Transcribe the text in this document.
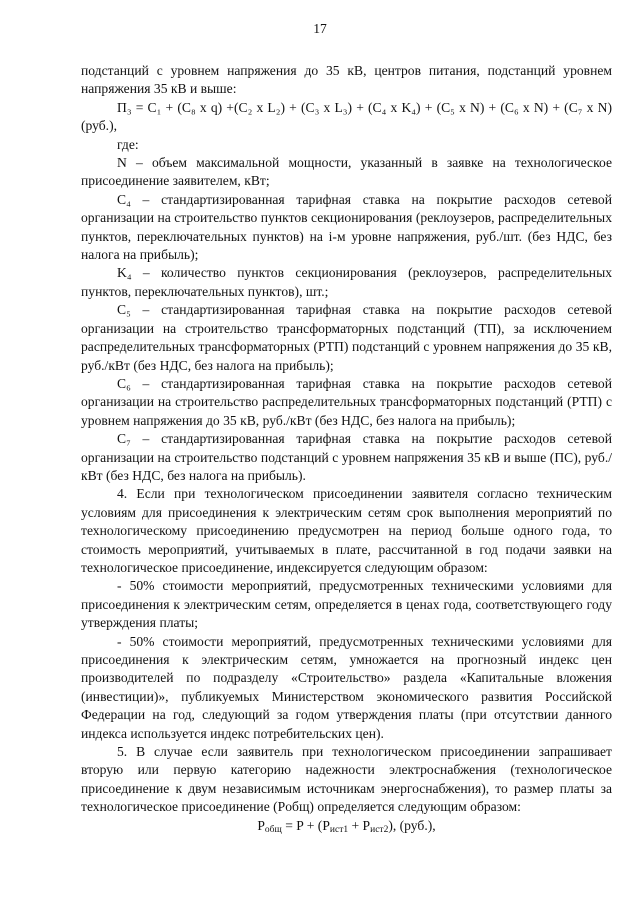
17

подстанций с уровнем напряжения до 35 кВ, центров питания, подстанций уровнем напряжения 35 кВ и выше:

П₃ = C₁ + (C₈ x q) +(C₂ x L₂) + (C₃ x L₃) + (C₄ x K₄) + (C₅ x N) + (C₆ x N) + (C₇ x N) (руб.),

где:

N – объем максимальной мощности, указанный в заявке на технологическое присоединение заявителем, кВт;

C₄ – стандартизированная тарифная ставка на покрытие расходов сетевой организации на строительство пунктов секционирования (реклоузеров, распределительных пунктов, переключательных пунктов) на i-м уровне напряжения, руб./шт. (без НДС, без налога на прибыль);

K₄ – количество пунктов секционирования (реклоузеров, распределительных пунктов, переключательных пунктов), шт.;

C₅ – стандартизированная тарифная ставка на покрытие расходов сетевой организации на строительство трансформаторных подстанций (ТП), за исключением распределительных трансформаторных (РТП) подстанций с уровнем напряжения до 35 кВ, руб./кВт (без НДС, без налога на прибыль);

C₆ – стандартизированная тарифная ставка на покрытие расходов сетевой организации на строительство распределительных трансформаторных подстанций (РТП) с уровнем напряжения до 35 кВ, руб./кВт (без НДС, без налога на прибыль);

C₇ – стандартизированная тарифная ставка на покрытие расходов сетевой организации на строительство подстанций с уровнем напряжения 35 кВ и выше (ПС), руб./кВт (без НДС, без налога на прибыль).

4. Если при технологическом присоединении заявителя согласно техническим условиям для присоединения к электрическим сетям срок выполнения мероприятий по технологическому присоединению предусмотрен на период больше одного года, то стоимость мероприятий, учитываемых в плате, рассчитанной в год подачи заявки на технологическое присоединение, индексируется следующим образом:

- 50% стоимости мероприятий, предусмотренных техническими условиями для присоединения к электрическим сетям, определяется в ценах года, соответствующего году утверждения платы;

- 50% стоимости мероприятий, предусмотренных техническими условиями для присоединения к электрическим сетям, умножается на прогнозный индекс цен производителей по подразделу «Строительство» раздела «Капитальные вложения (инвестиции)», публикуемых Министерством экономического развития Российской Федерации на год, следующий за годом утверждения платы (при отсутствии данного индекса используется индекс потребительских цен).

5. В случае если заявитель при технологическом присоединении запрашивает вторую или первую категорию надежности электроснабжения (технологическое присоединение к двум независимым источникам энергоснабжения), то размер платы за технологическое присоединение (Pобщ) определяется следующим образом:

$P_{общ} = P + (P_{ист1} + P_{ист2})$, (руб.),
